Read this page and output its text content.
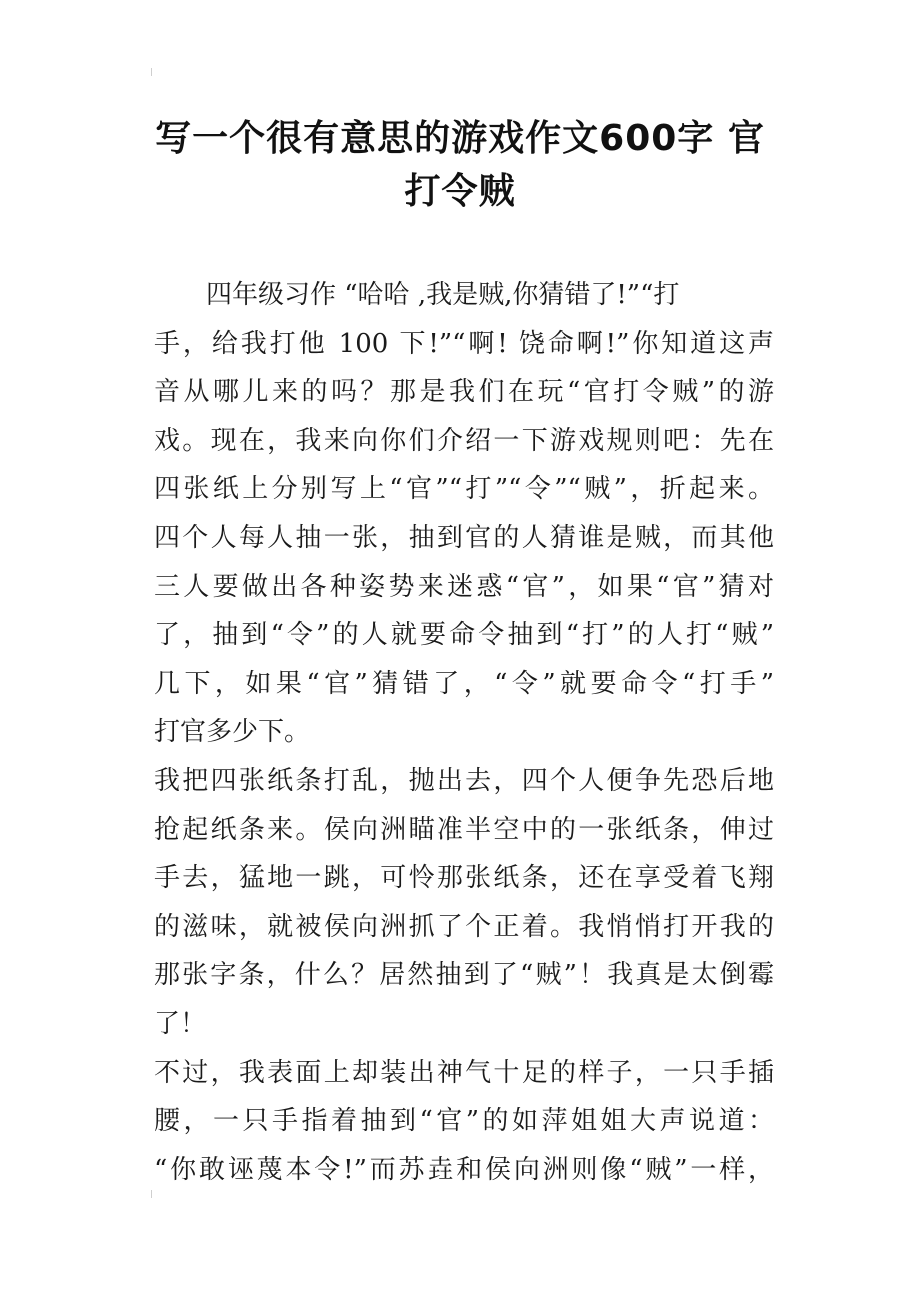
写一个很有意思的游戏作文600字 官
打令贼
四年级习作 “哈哈 ,我是贼,你猜错了!”“打
手，给我打他 100 下!”“啊! 饶命啊!”你知道这声
音从哪儿来的吗？那是我们在玩“官打令贼”的游
戏。现在，我来向你们介绍一下游戏规则吧：先在
四张纸上分别写上“官”“打”“令”“贼”，折起来。
四个人每人抽一张，抽到官的人猜谁是贼，而其他
三人要做出各种姿势来迷惑“官”，如果“官”猜对
了，抽到“令”的人就要命令抽到“打”的人打“贼”
几下，如果“官”猜错了，“令”就要命令“打手”
打官多少下。
我把四张纸条打乱，抛出去，四个人便争先恐后地
抢起纸条来。侯向洲瞄准半空中的一张纸条，伸过
手去，猛地一跳，可怜那张纸条，还在享受着飞翔
的滋味，就被侯向洲抓了个正着。我悄悄打开我的
那张字条，什么？居然抽到了“贼”！我真是太倒霉
了！
不过，我表面上却装出神气十足的样子，一只手插
腰，一只手指着抽到“官”的如萍姐姐大声说道：
“你敢诬蔑本令!”而苏垚和侯向洲则像“贼”一样，
